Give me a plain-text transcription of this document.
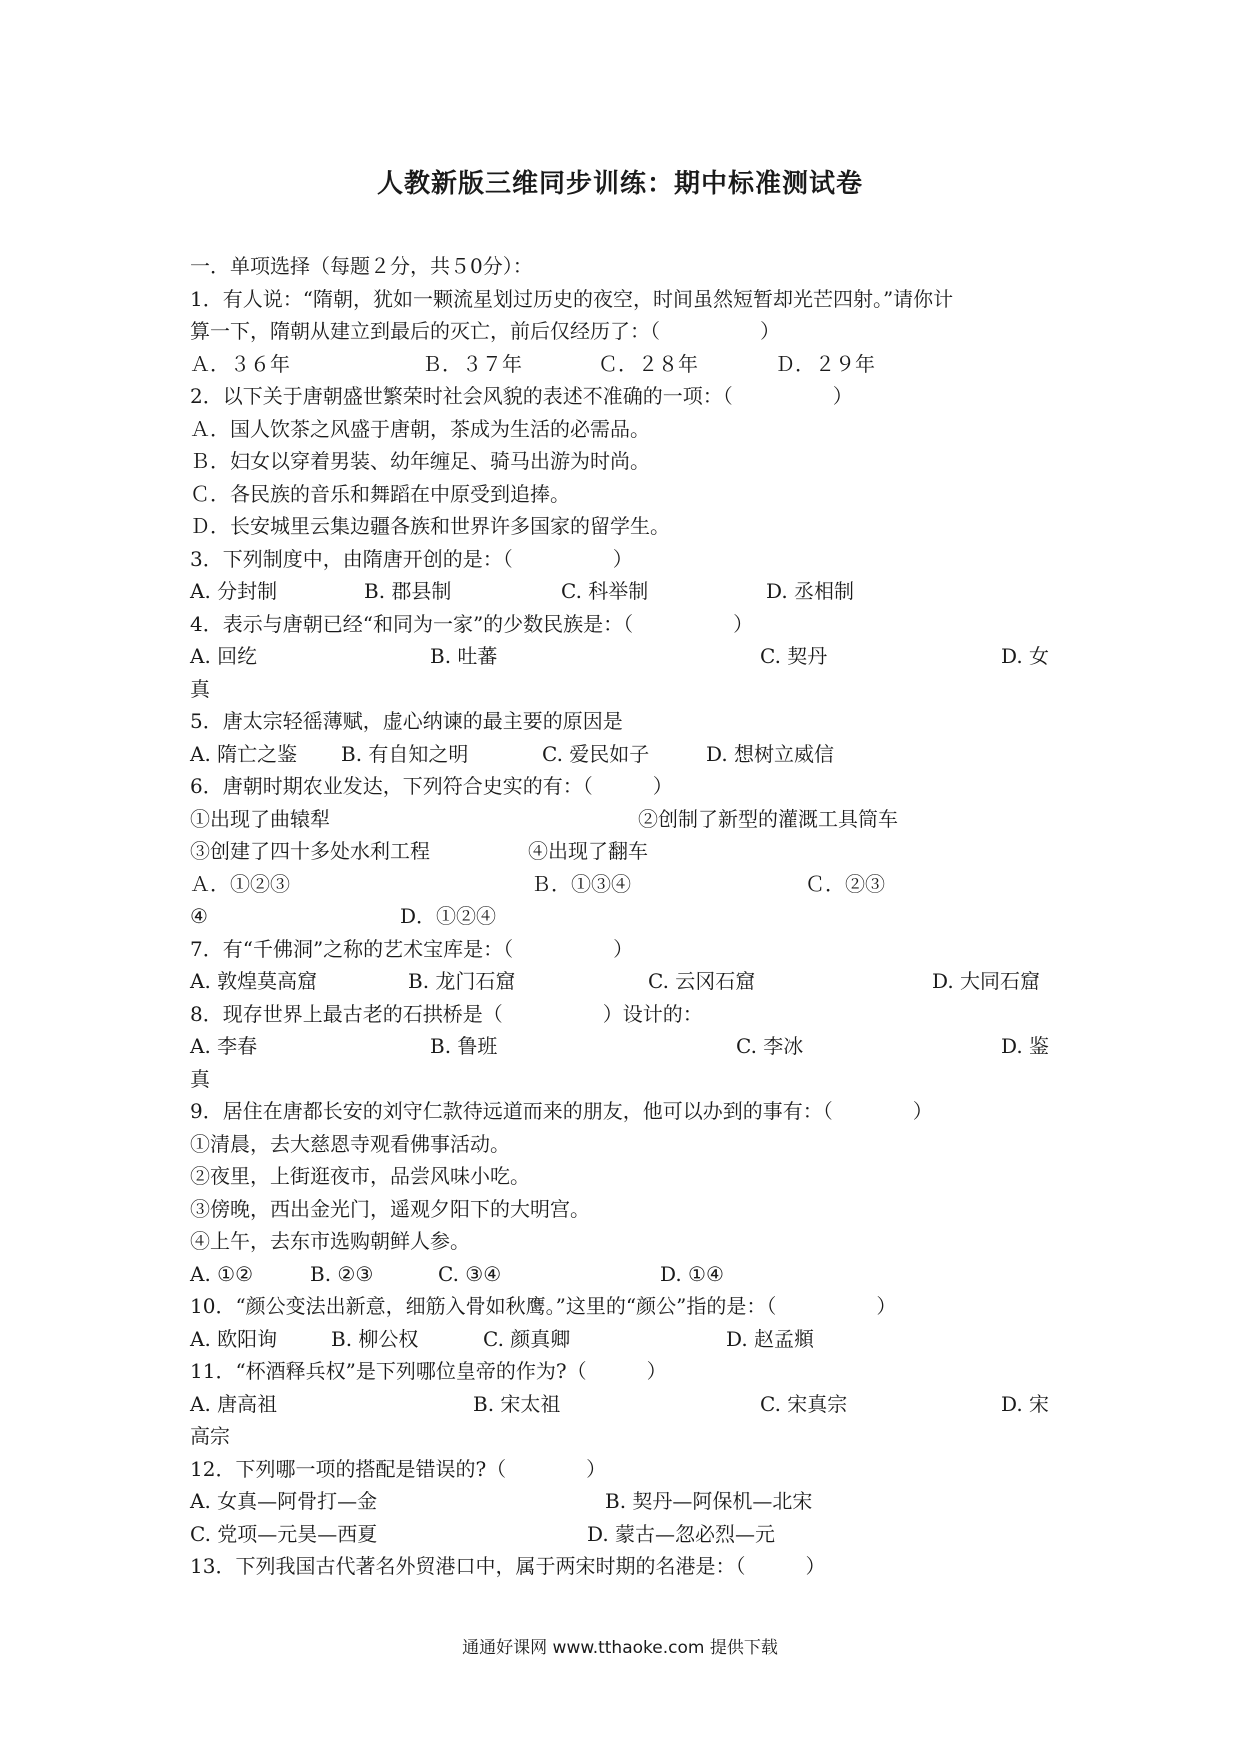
人教新版三维同步训练：期中标准测试卷
一．单项选择（每题２分，共５0分）：
1．有人说：“隋朝，犹如一颗流星划过历史的夜空，时间虽然短暂却光芒四射。”请你计
算一下，隋朝从建立到最后的灭亡，前后仅经历了：（　　　　　）
Ａ．３６年	Ｂ．３７年	Ｃ．２８年	Ｄ．２９年
2．以下关于唐朝盛世繁荣时社会风貌的表述不准确的一项：（　　　　　）
Ａ．国人饮茶之风盛于唐朝，茶成为生活的必需品。
Ｂ．妇女以穿着男装、幼年缠足、骑马出游为时尚。
Ｃ．各民族的音乐和舞蹈在中原受到追捧。
Ｄ．长安城里云集边疆各族和世界许多国家的留学生。
3．下列制度中，由隋唐开创的是：（　　　　　）
A. 分封制	B. 郡县制	C. 科举制	D. 丞相制
4．表示与唐朝已经“和同为一家”的少数民族是：（　　　　　）
A. 回纥	B. 吐蕃	C. 契丹	D. 女
真
5．唐太宗轻徭薄赋，虚心纳谏的最主要的原因是
A. 隋亡之鉴 B. 有自知之明	C. 爱民如子	D. 想树立威信
6．唐朝时期农业发达，下列符合史实的有：（　　　）
①出现了曲辕犁	②创制了新型的灌溉工具筒车
③创建了四十多处水利工程	④出现了翻车
Ａ．①②③	Ｂ．①③④	Ｃ．②③
④	D．①②④
7．有“千佛洞”之称的艺术宝库是：（　　　　　）
A. 敦煌莫高窟	B. 龙门石窟	C. 云冈石窟	D. 大同石窟
8．现存世界上最古老的石拱桥是（　　　　　）设计的：
A. 李春	B. 鲁班	C. 李冰	D. 鉴
真
9．居住在唐都长安的刘守仁款待远道而来的朋友，他可以办到的事有：（　　　　）
①清晨，去大慈恩寺观看佛事活动。
②夜里，上街逛夜市，品尝风味小吃。
③傍晚，西出金光门，遥观夕阳下的大明宫。
④上午，去东市选购朝鲜人参。
A. ①②	B. ②③	C. ③④	D. ①④
10．“颜公变法出新意，细筋入骨如秋鹰。”这里的“颜公”指的是：（　　　　　）
A. 欧阳询	B. 柳公权	C. 颜真卿	D. 赵孟頫
11．“杯酒释兵权”是下列哪位皇帝的作为?（　　　）
A. 唐高祖	B. 宋太祖	C. 宋真宗	D. 宋
高宗
12．下列哪一项的搭配是错误的?（　　　　）
A. 女真—阿骨打—金	B. 契丹—阿保机—北宋
C. 党项—元昊—西夏	D. 蒙古—忽必烈—元
13．下列我国古代著名外贸港口中，属于两宋时期的名港是：（　　　）
通通好课网 www.tthaoke.com 提供下载
